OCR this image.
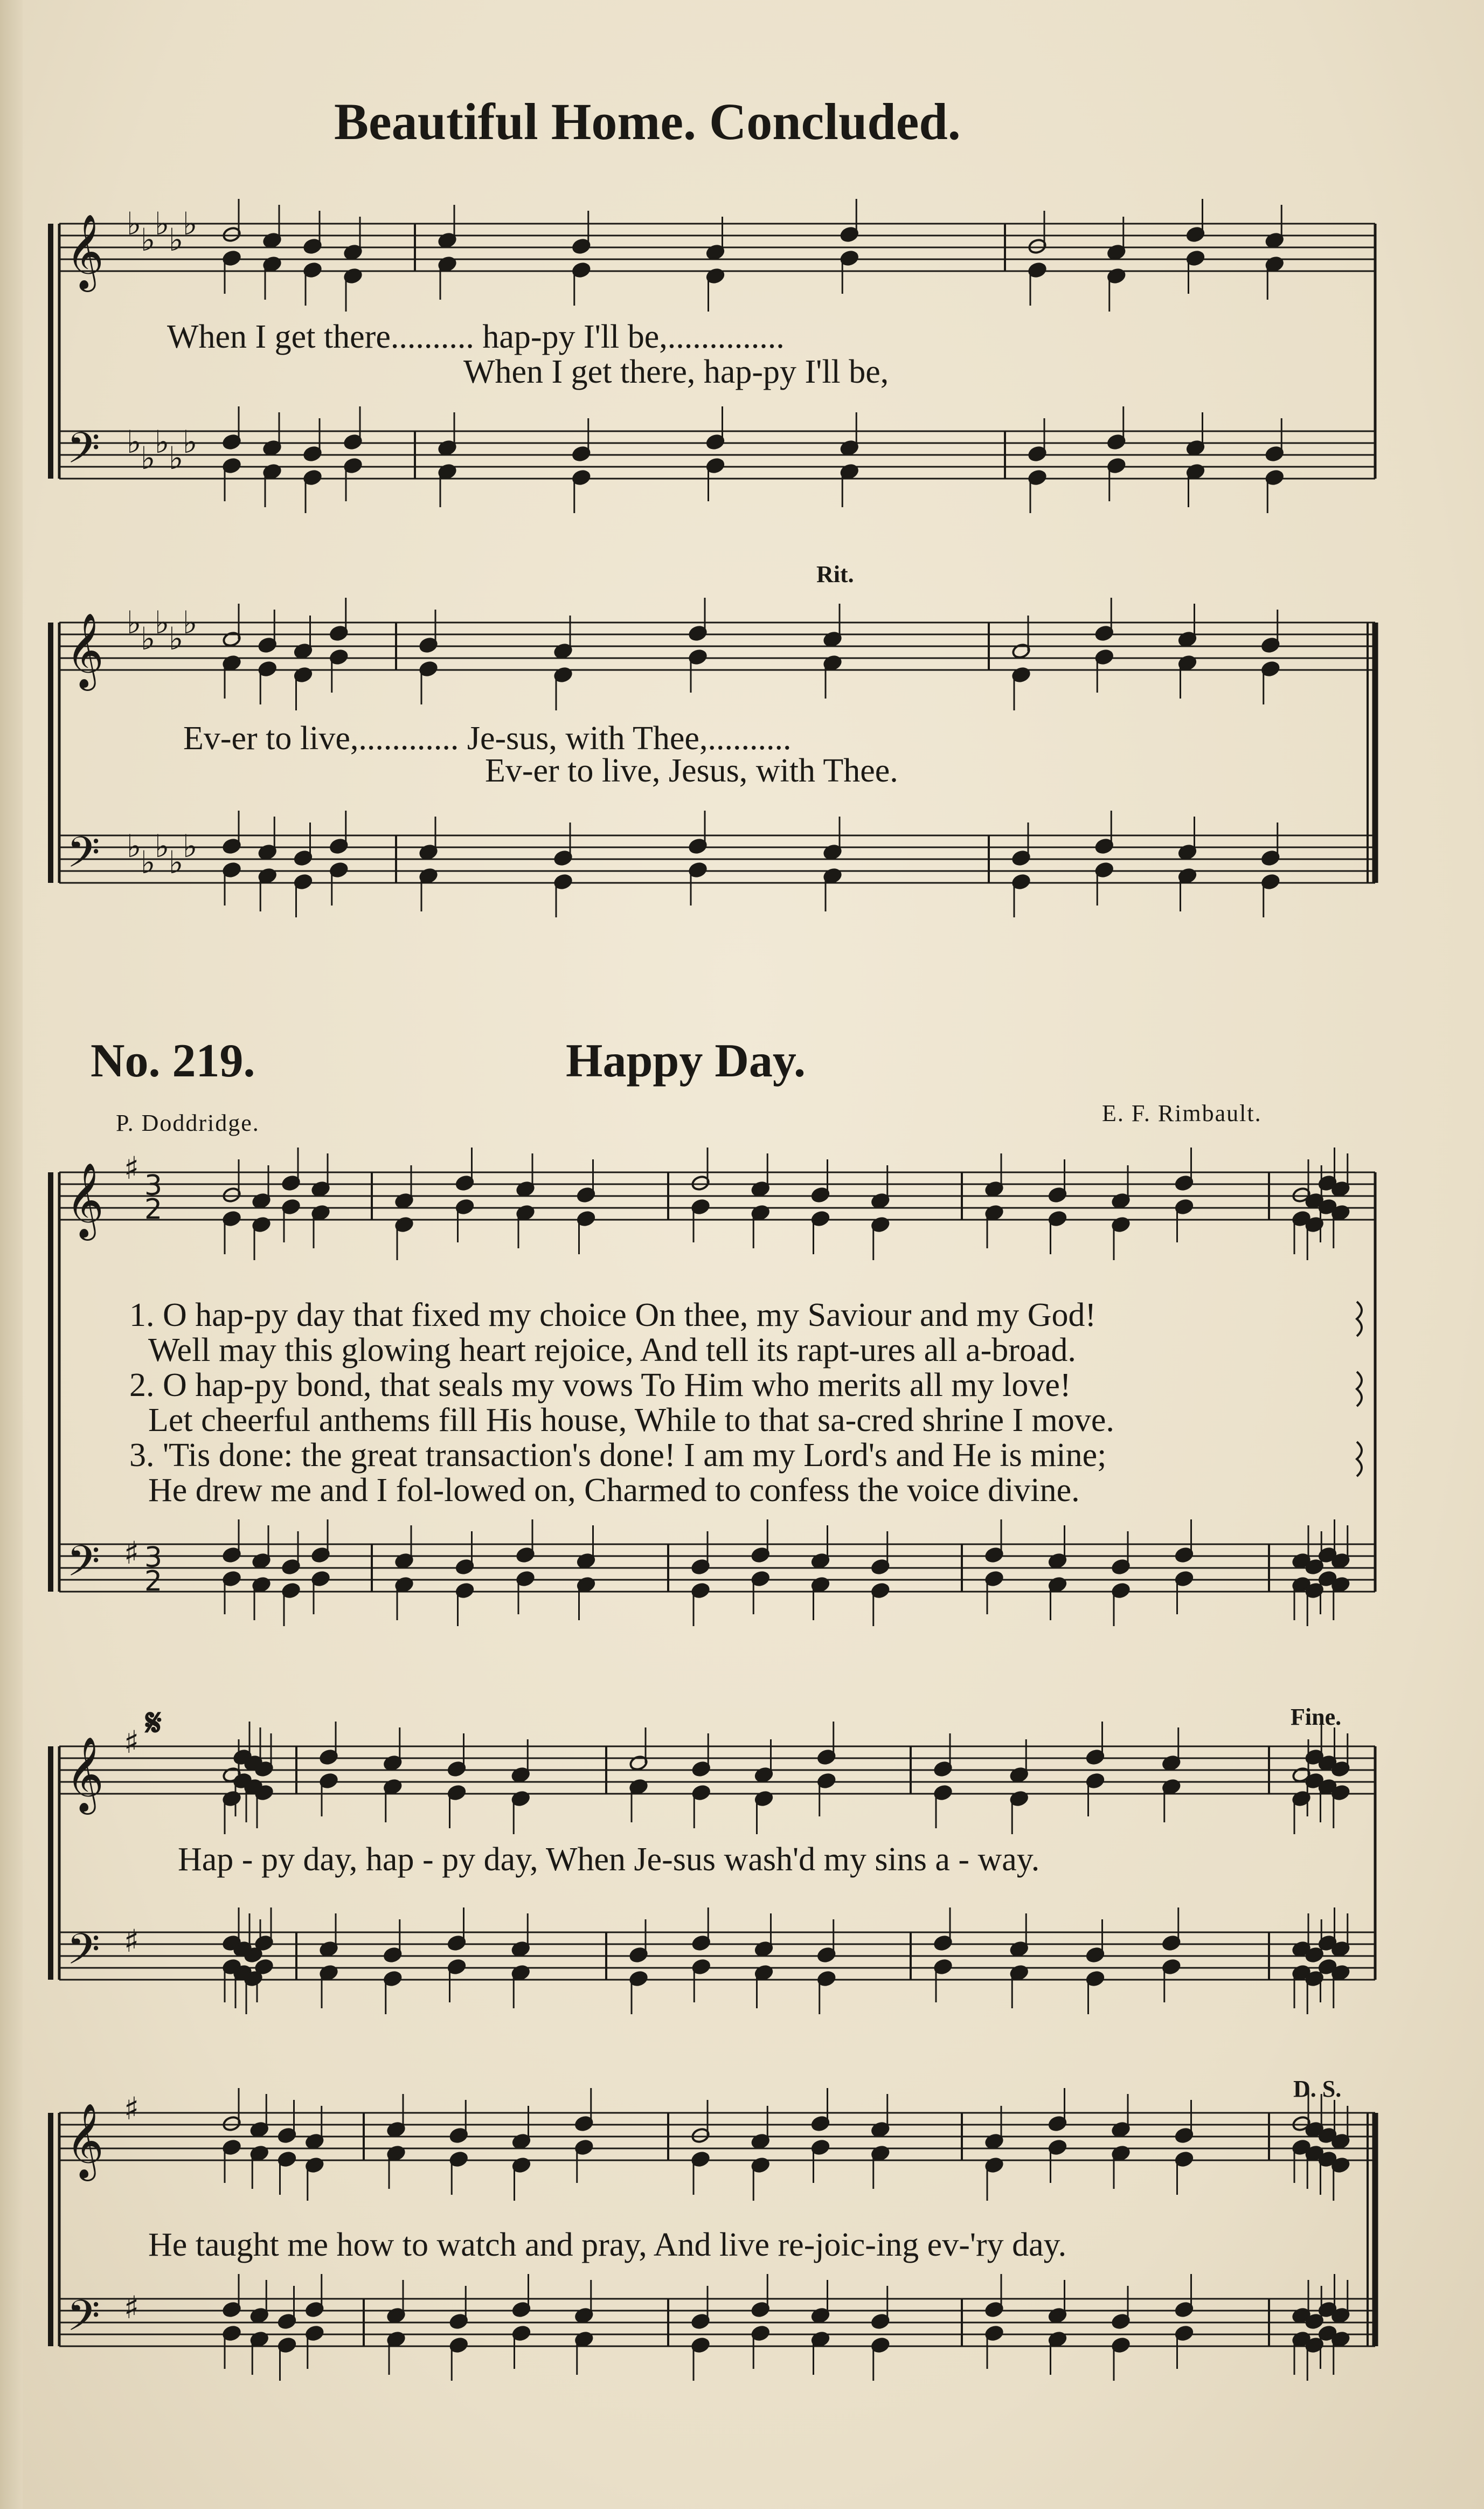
𝄞
𝄢
♭
♭
♭
♭
♭
♭
♭
♭
♭
♭
𝄞
𝄢
♭
♭
♭
♭
♭
♭
♭
♭
♭
♭
𝄞
𝄢
♯
♯
3
2
3
2
𝄞
𝄢
♯
♯
𝄞
𝄢
♯
♯
Beautiful Home. Concluded.
When I get there.......... hap-py I'll be,..............
When I get there, hap-py I'll be,
Rit.
Ev-er to live,............ Je-sus, with Thee,..........
Ev-er to live, Jesus, with Thee.
No. 219.	Happy Day.
P. Doddridge.	E. F. Rimbault.
1. O hap-py day that fixed my choice On thee, my Saviour and my God!
Well may this glowing heart rejoice, And tell its rapt-ures all a-broad.
2. O hap-py bond, that seals my vows To Him who merits all my love!
Let cheerful anthems fill His house, While to that sa-cred shrine I move.
3. 'Tis done: the great transaction's done! I am my Lord's and He is mine;
He drew me and I fol-lowed on, Charmed to confess the voice divine.
𝄋	Fine.
Hap - py day, hap - py day, When Je-sus wash'd my sins a - way.
D. S.
He taught me how to watch and pray, And live re-joic-ing ev-'ry day.
